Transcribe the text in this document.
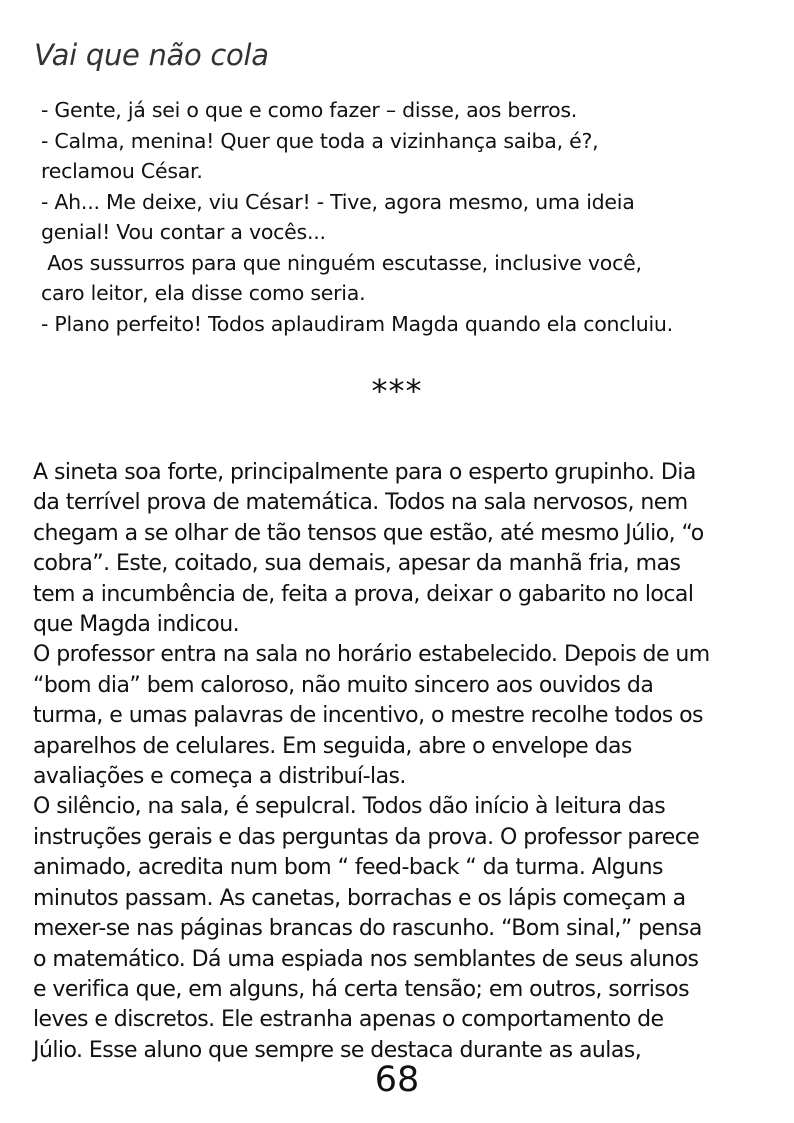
Vai que não cola

- Gente, já sei o que e como fazer – disse, aos berros.

- Calma, menina! Quer que toda a vizinhança saiba, é?,

reclamou César.

- Ah... Me deixe, viu César! - Tive, agora mesmo, uma ideia

genial! Vou contar a vocês...

Aos sussurros para que ninguém escutasse, inclusive você,

caro leitor, ela disse como seria.

- Plano perfeito! Todos aplaudiram Magda quando ela concluiu.

***

A sineta soa forte, principalmente para o esperto grupinho. Dia

da terrível prova de matemática. Todos na sala nervosos, nem

chegam a se olhar de tão tensos que estão, até mesmo Júlio, “o

cobra”. Este, coitado, sua demais, apesar da manhã fria, mas

tem a incumbência de, feita a prova, deixar o gabarito no local

que Magda indicou.

O professor entra na sala no horário estabelecido. Depois de um

“bom dia” bem caloroso, não muito sincero aos ouvidos da

turma, e umas palavras de incentivo, o mestre recolhe todos os

aparelhos de celulares. Em seguida, abre o envelope das

avaliações e começa a distribuí-las.

O silêncio, na sala, é sepulcral. Todos dão início à leitura das

instruções gerais e das perguntas da prova. O professor parece

animado, acredita num bom “ feed-back “ da turma. Alguns

minutos passam. As canetas, borrachas e os lápis começam a

mexer-se nas páginas brancas do rascunho. “Bom sinal,” pensa

o matemático. Dá uma espiada nos semblantes de seus alunos

e verifica que, em alguns, há certa tensão; em outros, sorrisos

leves e discretos. Ele estranha apenas o comportamento de

Júlio. Esse aluno que sempre se destaca durante as aulas,

68
